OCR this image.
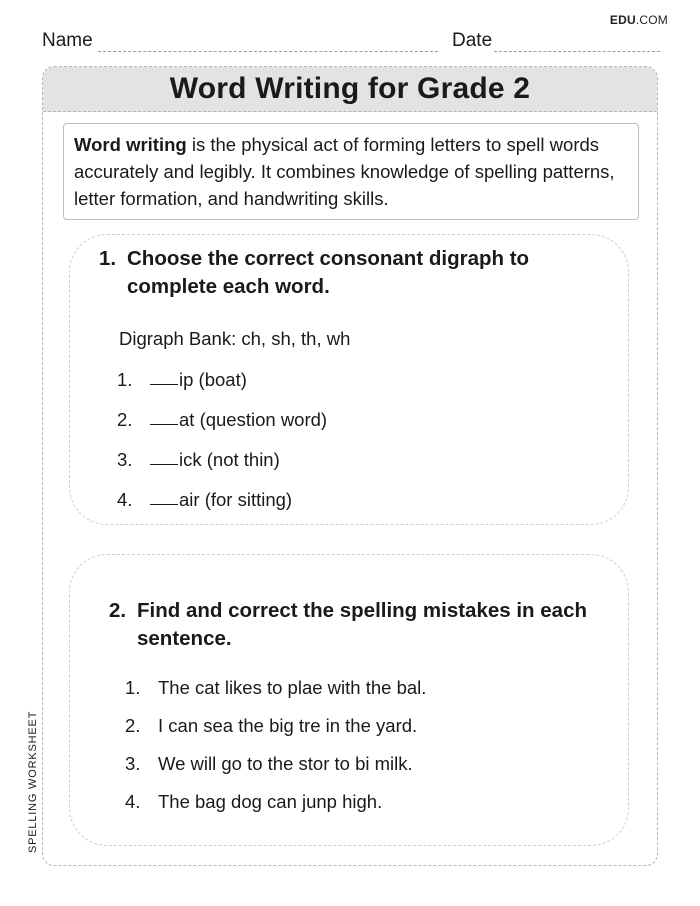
EDU.COM
Name	Date
Word Writing for Grade 2
Word writing is the physical act of forming letters to spell words accurately and legibly. It combines knowledge of spelling patterns, letter formation, and handwriting skills.
1. Choose the correct consonant digraph to complete each word.
Digraph Bank: ch, sh, th, wh
1.	ip (boat)
2.	at (question word)
3.	ick (not thin)
4.	air (for sitting)
2. Find and correct the spelling mistakes in each sentence.
1. The cat likes to plae with the bal.
2. I can sea the big tre in the yard.
3. We will go to the stor to bi milk.
4. The bag dog can junp high.
SPELLING WORKSHEET
